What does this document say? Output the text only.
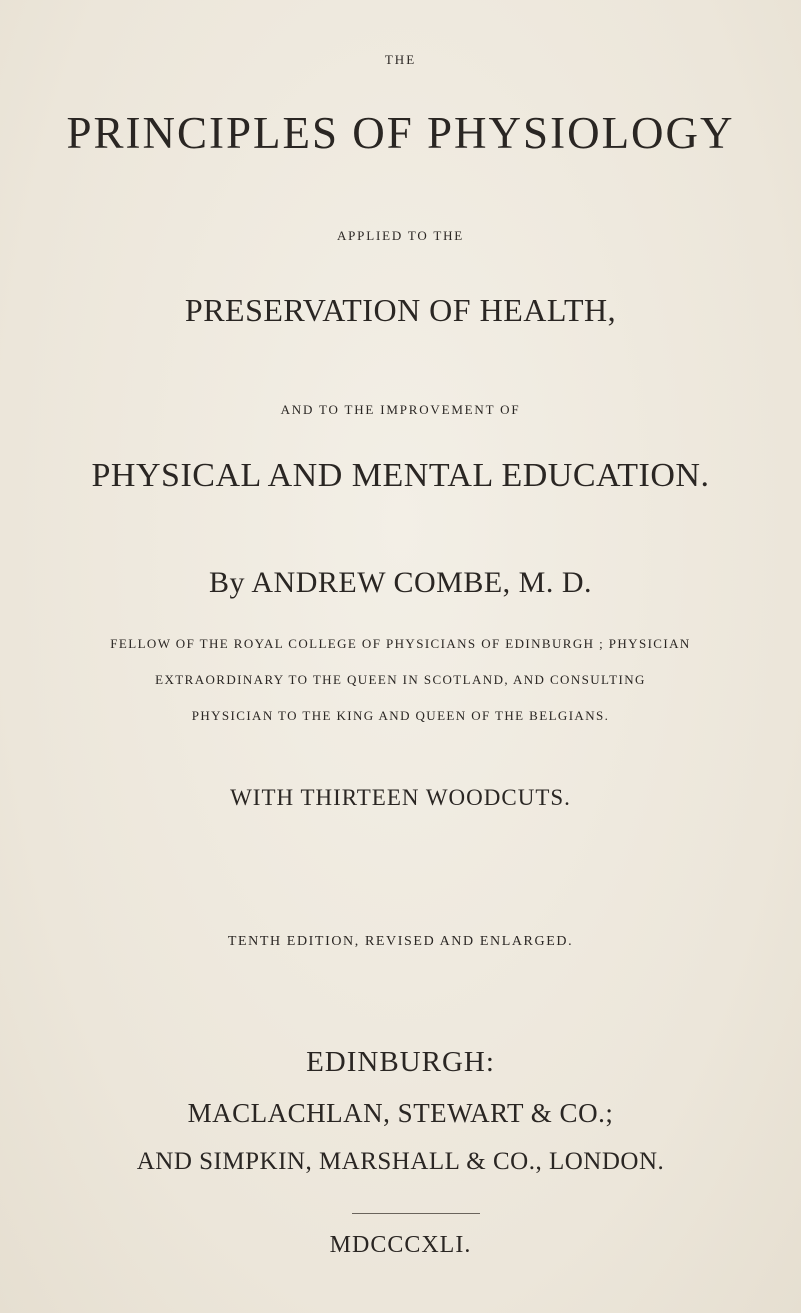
THE
PRINCIPLES OF PHYSIOLOGY
APPLIED TO THE
PRESERVATION OF HEALTH,
AND TO THE IMPROVEMENT OF
PHYSICAL AND MENTAL EDUCATION.
By ANDREW COMBE, M. D.
FELLOW OF THE ROYAL COLLEGE OF PHYSICIANS OF EDINBURGH ; PHYSICIAN
EXTRAORDINARY TO THE QUEEN IN SCOTLAND, AND CONSULTING
PHYSICIAN TO THE KING AND QUEEN OF THE BELGIANS.
WITH THIRTEEN WOODCUTS.
TENTH EDITION, REVISED AND ENLARGED.
EDINBURGH:
MACLACHLAN, STEWART & CO.;
AND SIMPKIN, MARSHALL & CO., LONDON.
MDCCCXLI.
